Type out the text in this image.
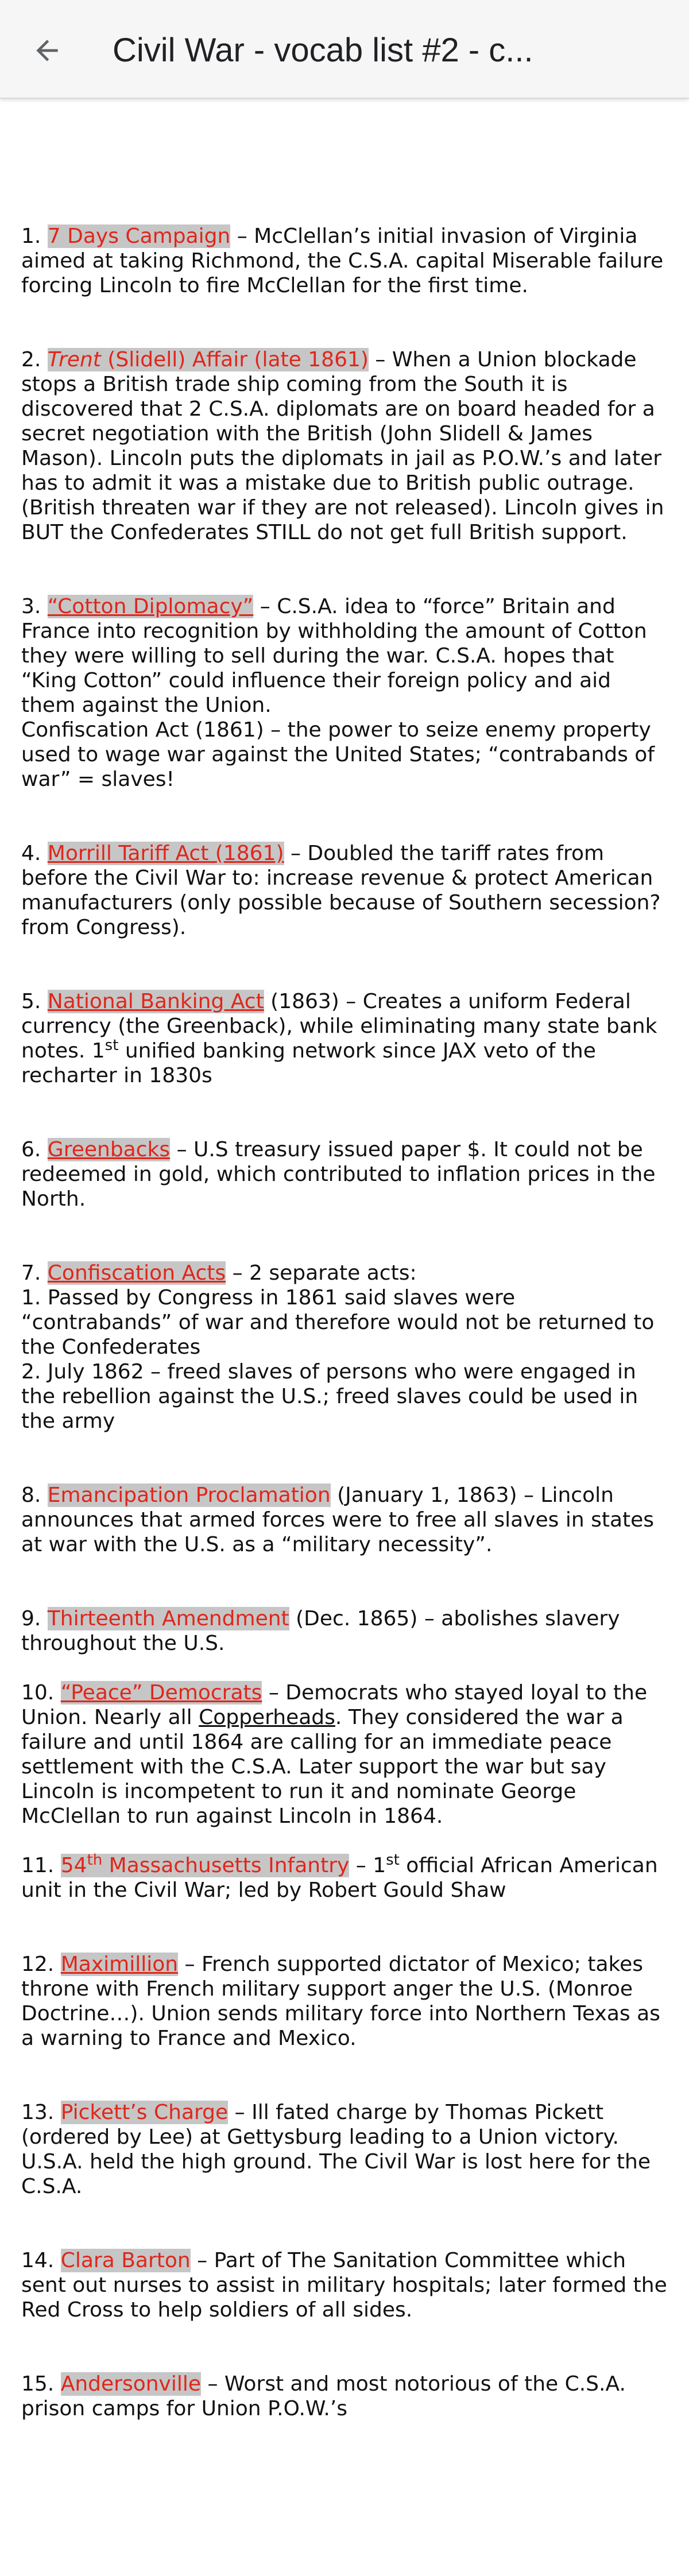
Civil War - vocab list #2 - c...
1. 7 Days Campaign – McClellan’s initial invasion of Virginia aimed at taking Richmond, the C.S.A. capital Miserable failure forcing Lincoln to fire McClellan for the first time.
2. Trent (Slidell) Affair (late 1861) – When a Union blockade stops a British trade ship coming from the South it is discovered that 2 C.S.A. diplomats are on board headed for a secret negotiation with the British (John Slidell & James Mason). Lincoln puts the diplomats in jail as P.O.W.’s and later has to admit it was a mistake due to British public outrage. (British threaten war if they are not released). Lincoln gives in BUT the Confederates STILL do not get full British support.
3. “Cotton Diplomacy” – C.S.A. idea to “force” Britain and France into recognition by withholding the amount of Cotton they were willing to sell during the war. C.S.A. hopes that “King Cotton” could influence their foreign policy and aid them against the Union.

Confiscation Act (1861) – the power to seize enemy property used to wage war against the United States; “contrabands of war” = slaves!

4. Morrill Tariff Act (1861) – Doubled the tariff rates from before the Civil War to: increase revenue & protect American manufacturers (only possible because of Southern secession? from Congress).
5. National Banking Act (1863) – Creates a uniform Federal currency (the Greenback), while eliminating many state bank notes. 1st unified banking network since JAX veto of the recharter in 1830s
6. Greenbacks – U.S treasury issued paper $. It could not be redeemed in gold, which contributed to inflation prices in the North.
7. Confiscation Acts – 2 separate acts:

1. Passed by Congress in 1861 said slaves were “contrabands” of war and therefore would not be returned to the Confederates

2. July 1862 – freed slaves of persons who were engaged in the rebellion against the U.S.; freed slaves could be used in the army

8. Emancipation Proclamation (January 1, 1863) – Lincoln announces that armed forces were to free all slaves in states at war with the U.S. as a “military necessity”.
9. Thirteenth Amendment (Dec. 1865) – abolishes slavery throughout the U.S.
10. “Peace” Democrats – Democrats who stayed loyal to the Union. Nearly all Copperheads. They considered the war a failure and until 1864 are calling for an immediate peace settlement with the C.S.A. Later support the war but say Lincoln is incompetent to run it and nominate George McClellan to run against Lincoln in 1864.
11. 54th Massachusetts Infantry – 1st official African American unit in the Civil War; led by Robert Gould Shaw
12. Maximillion – French supported dictator of Mexico; takes throne with French military support anger the U.S. (Monroe Doctrine…). Union sends military force into Northern Texas as a warning to France and Mexico.
13. Pickett’s Charge – Ill fated charge by Thomas Pickett (ordered by Lee) at Gettysburg leading to a Union victory. U.S.A. held the high ground. The Civil War is lost here for the C.S.A.
14. Clara Barton – Part of The Sanitation Committee which sent out nurses to assist in military hospitals; later formed the Red Cross to help soldiers of all sides.
15. Andersonville – Worst and most notorious of the C.S.A. prison camps for Union P.O.W.’s
